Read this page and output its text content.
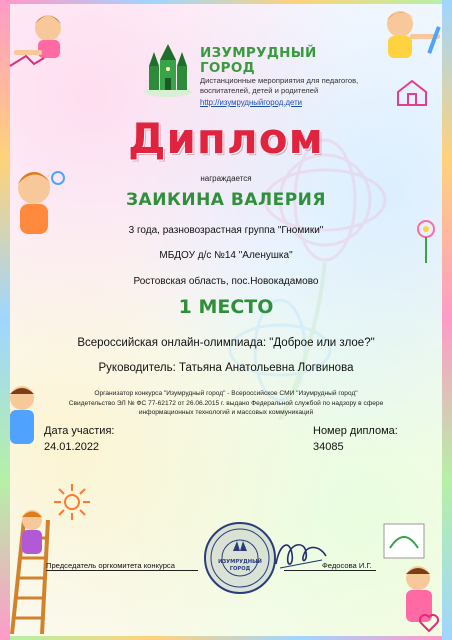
ИЗУМРУДНЫЙ
ГОРОД
Дистанционные мероприятия для педагогов,
воспитателей, детей и родителей
http://изумрудныйгород.дети
Диплом
награждается
ЗАИКИНА ВАЛЕРИЯ
3 года, разновозрастная группа "Гномики"
МБДОУ д/с №14 "Аленушка"
Ростовская область, пос.Новокадамово
1 МЕСТО
Всероссийская онлайн-олимпиада: "Доброе или злое?"
Руководитель: Татьяна Анатольевна Логвинова
Организатор конкурса "Изумрудный город" - Всероссийское СМИ "Изумрудный город"
Свидетельство ЭЛ № ФС 77-62172 от 26.06.2015 г. выдано Федеральной службой по надзору в сфере
информационных технологий и массовых коммуникаций
Дата участия:
24.01.2022
Номер диплома:
34085
ИЗУМРУДНЫЙ
ГОРОД
Председатель оргкомитета конкурса	Федосова И.Г.
